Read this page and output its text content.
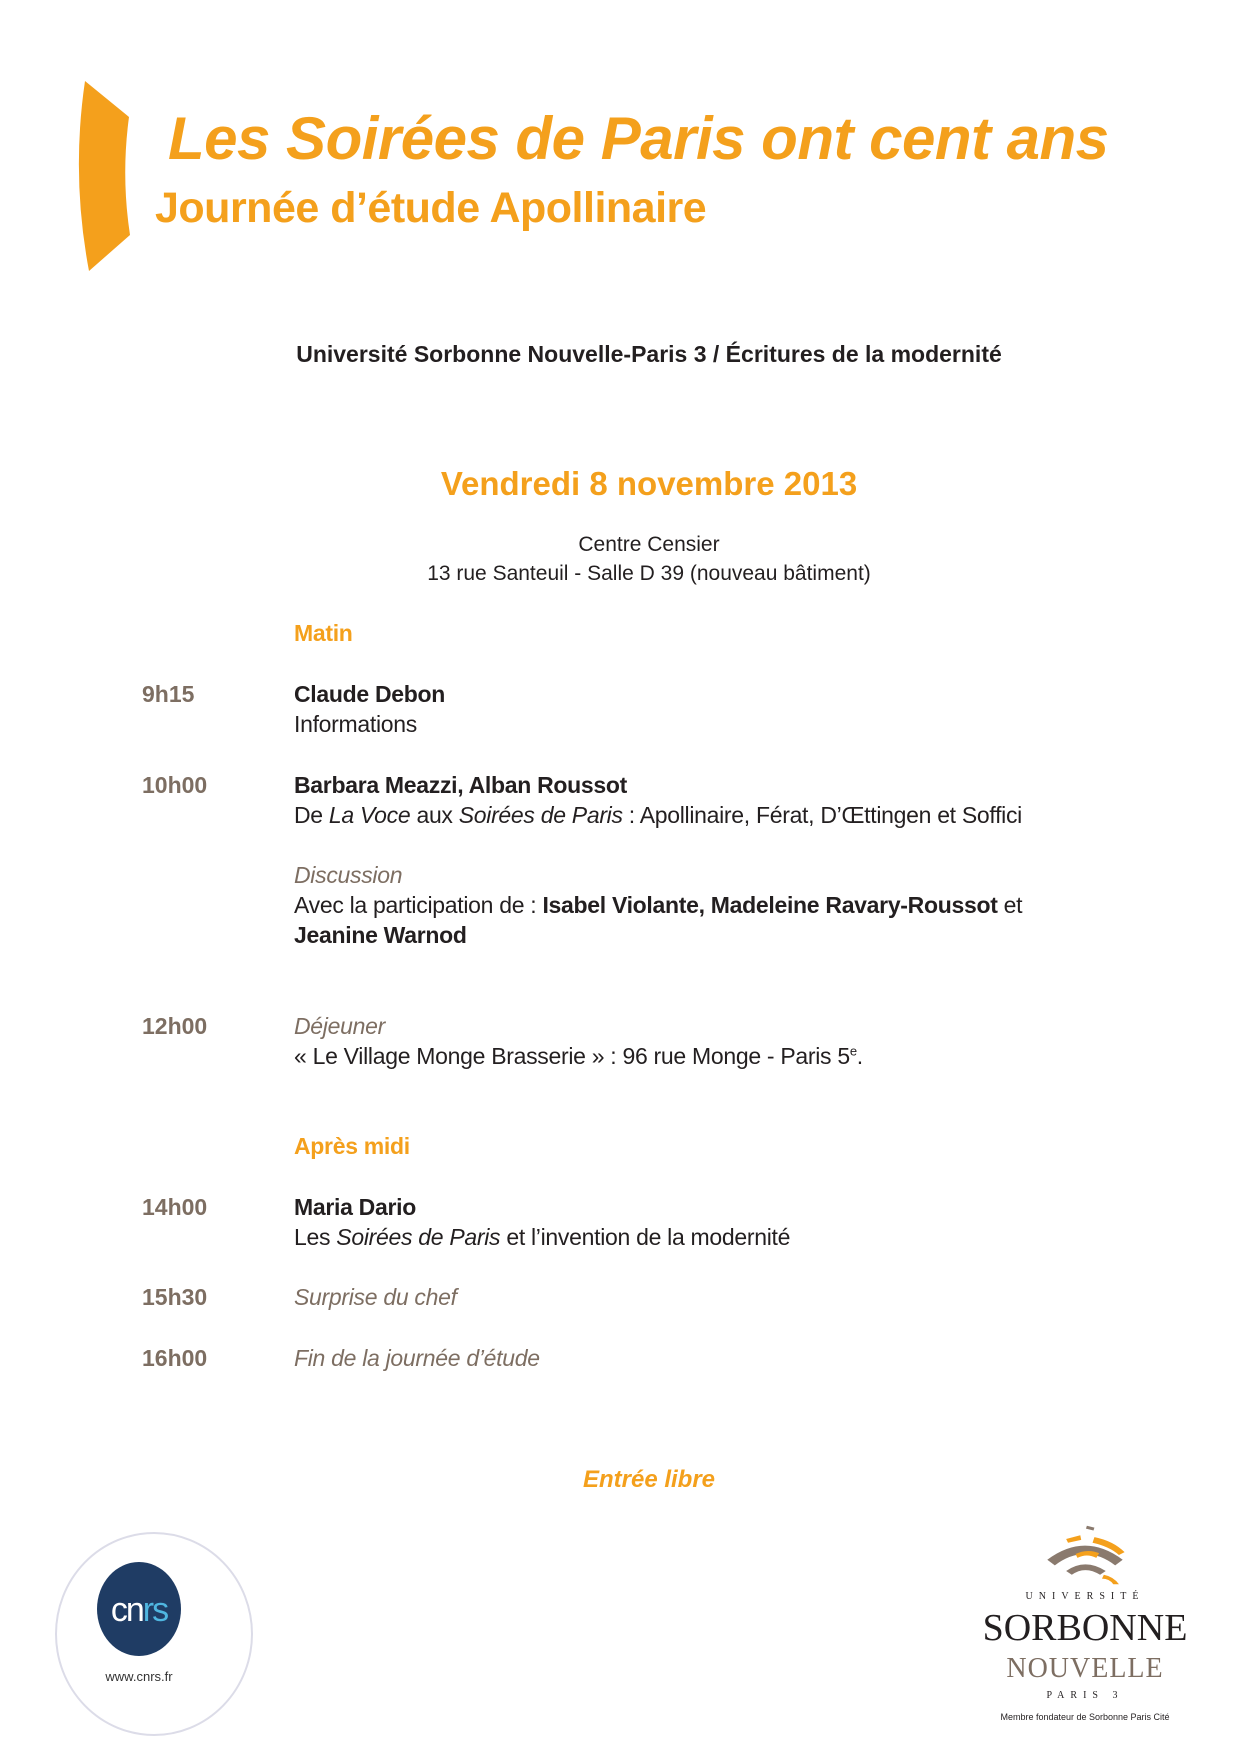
Les Soirées de Paris ont cent ans
Journée d’étude Apollinaire
Université Sorbonne Nouvelle-Paris 3 / Écritures de la modernité
Vendredi 8 novembre 2013
Centre Censier
13 rue Santeuil - Salle D 39 (nouveau bâtiment)
Matin
9h15	Claude Debon
Informations
10h00	Barbara Meazzi, Alban Roussot
De La Voce aux Soirées de Paris : Apollinaire, Férat, D’Œttingen et Soffici
Discussion
Avec la participation de : Isabel Violante, Madeleine Ravary-Roussot et
Jeanine Warnod
12h00	Déjeuner
« Le Village Monge Brasserie » : 96 rue Monge - Paris 5e.
Après midi
14h00	Maria Dario
Les Soirées de Paris et l’invention de la modernité
15h30	Surprise du chef
16h00	Fin de la journée d’étude
Entrée libre
cnrs
www.cnrs.fr
UNIVERSITÉ
SORBONNE
NOUVELLE
PARIS 3
Membre fondateur de Sorbonne Paris Cité
